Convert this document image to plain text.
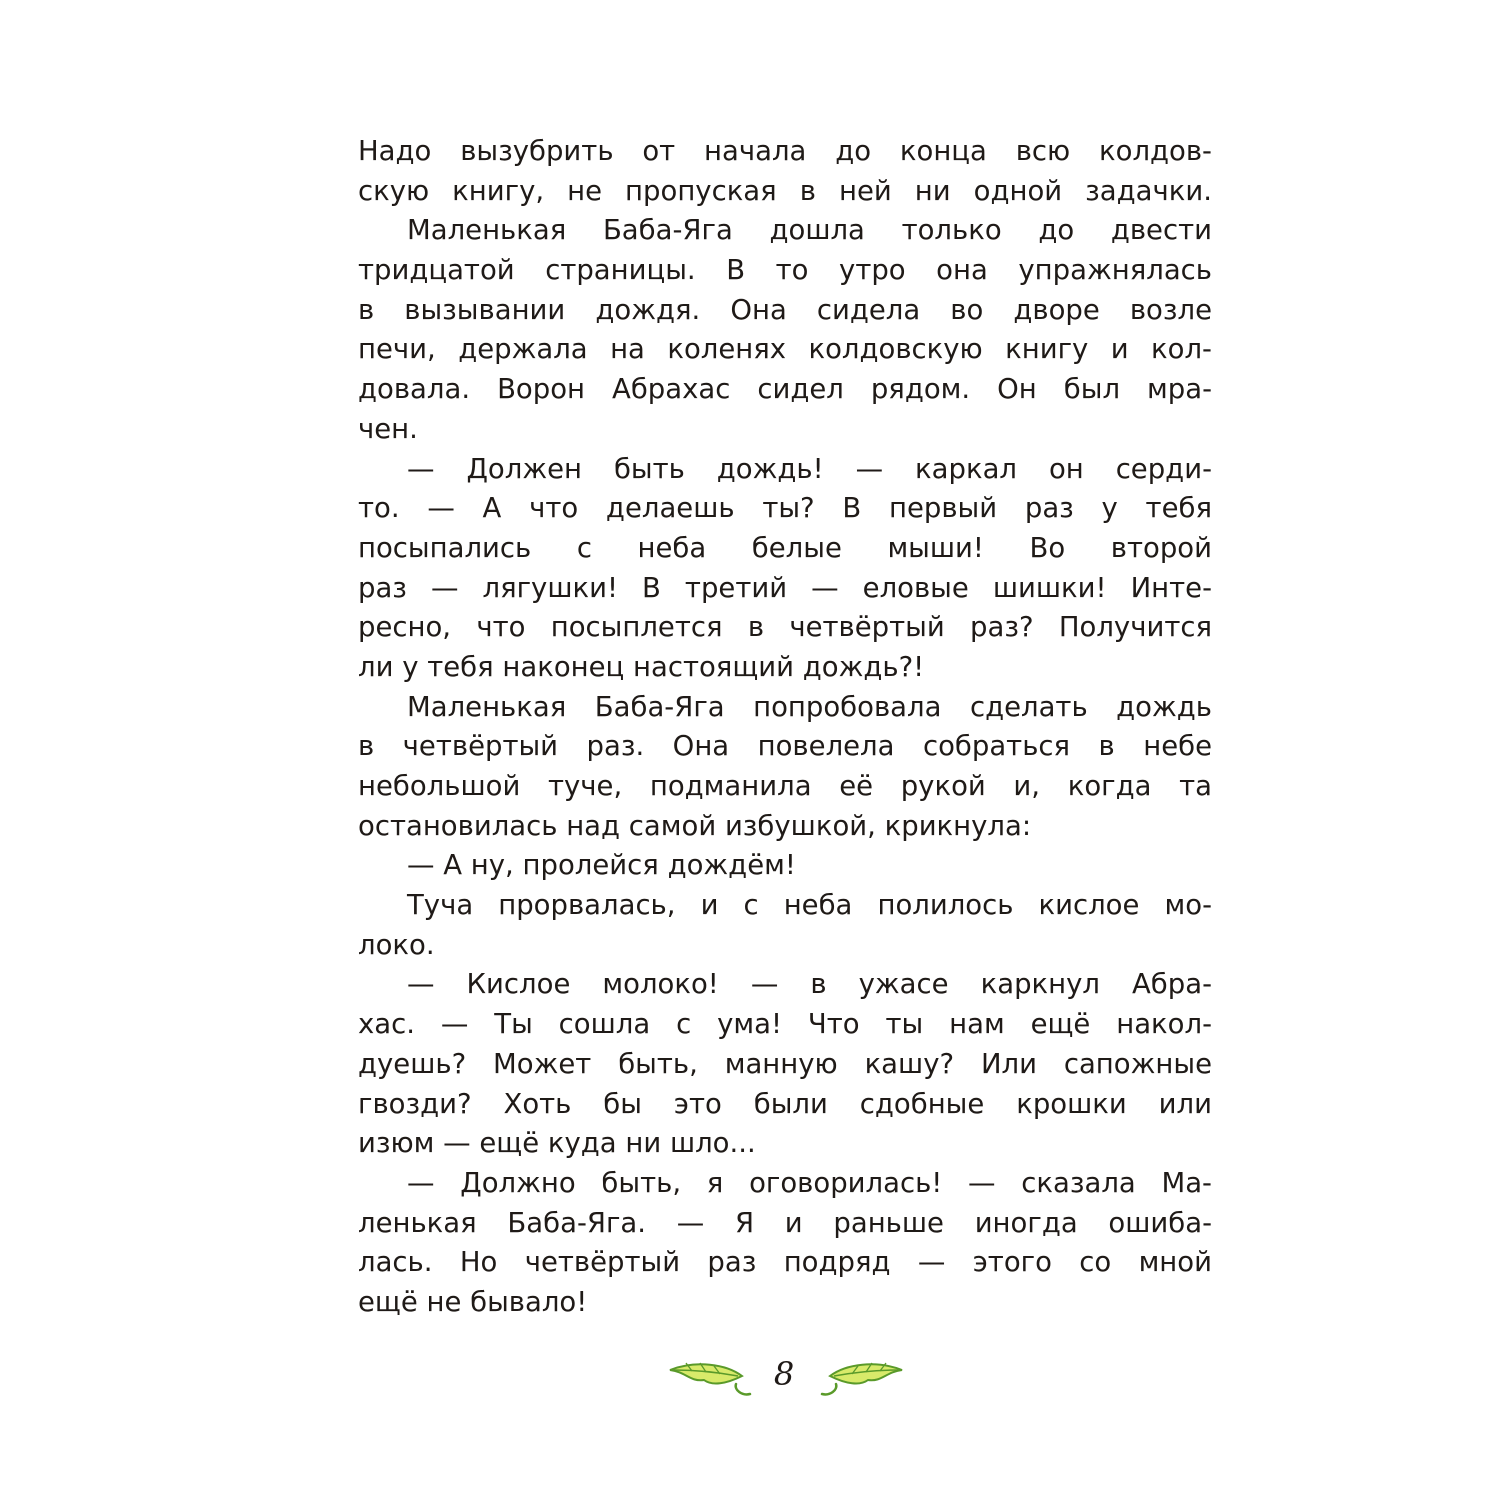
Надо вызубрить от начала до конца всю колдов-
скую книгу, не пропуская в ней ни одной задачки.
Маленькая Баба-Яга дошла только до двести
тридцатой страницы. В то утро она упражнялась
в вызывании дождя. Она сидела во дворе возле
печи, держала на коленях колдовскую книгу и кол-
довала. Ворон Абрахас сидел рядом. Он был мра-
чен.
— Должен быть дождь! — каркал он серди-
то. — А что делаешь ты? В первый раз у тебя
посыпались с неба белые мыши! Во второй
раз — лягушки! В третий — еловые шишки! Инте-
ресно, что посыплется в четвёртый раз? Получится
ли у тебя наконец настоящий дождь?!
Маленькая Баба-Яга попробовала сделать дождь
в четвёртый раз. Она повелела собраться в небе
небольшой туче, подманила её рукой и, когда та
остановилась над самой избушкой, крикнула:
— А ну, пролейся дождём!
Туча прорвалась, и с неба полилось кислое мо-
локо.
— Кислое молоко! — в ужасе каркнул Абра-
хас. — Ты сошла с ума! Что ты нам ещё накол-
дуешь? Может быть, манную кашу? Или сапожные
гвозди? Хоть бы это были сдобные крошки или
изюм — ещё куда ни шло...
— Должно быть, я оговорилась! — сказала Ма-
ленькая Баба-Яга. — Я и раньше иногда ошиба-
лась. Но четвёртый раз подряд — этого со мной
ещё не бывало!
8
